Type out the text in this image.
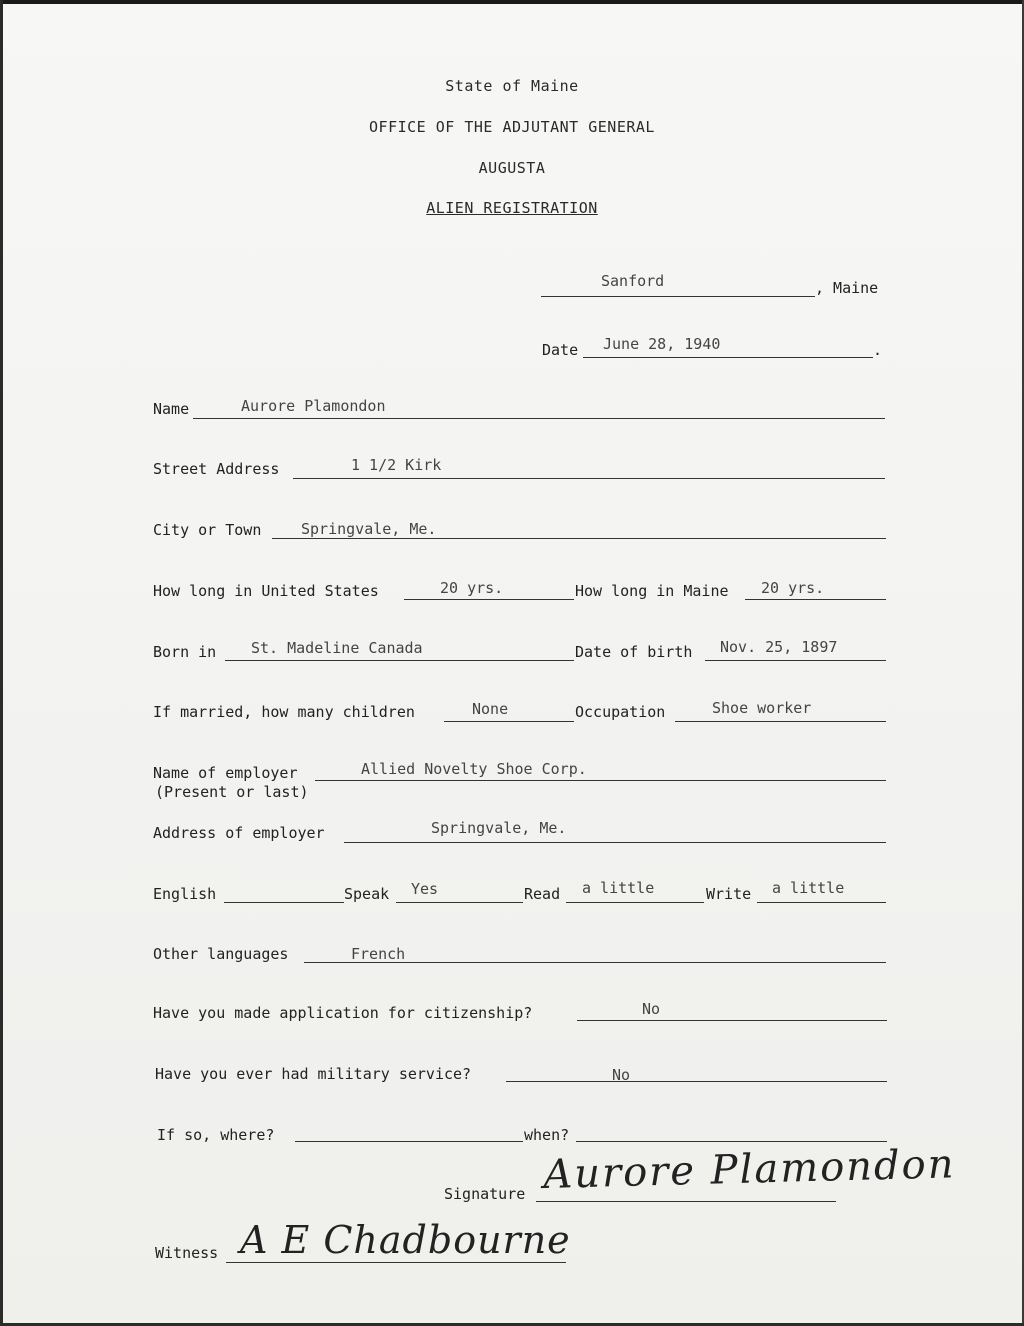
State of Maine
OFFICE OF THE ADJUTANT GENERAL
AUGUSTA
ALIEN REGISTRATION
Sanford	, Maine
Date June 28, 1940	.
Name	Aurore Plamondon
Street Address	1 1/2 Kirk
City or Town	Springvale, Me.
How long in United States	20 yrs.	How long in Maine 20 yrs.
Born in St. Madeline Canada	Date of birth Nov. 25, 1897
If married, how many children	None	Occupation	Shoe worker
Name of employer
(Present or last)
Allied Novelty Shoe Corp.
Address of employer	Springvale, Me.
English	Speak Yes	Read a little	Write a little
Other languages	French
Have you made application for citizenship?	No
Have you ever had military service?	No
If so, where?	when?
Signature Aurore Plamondon
Witness A E Chadbourne
